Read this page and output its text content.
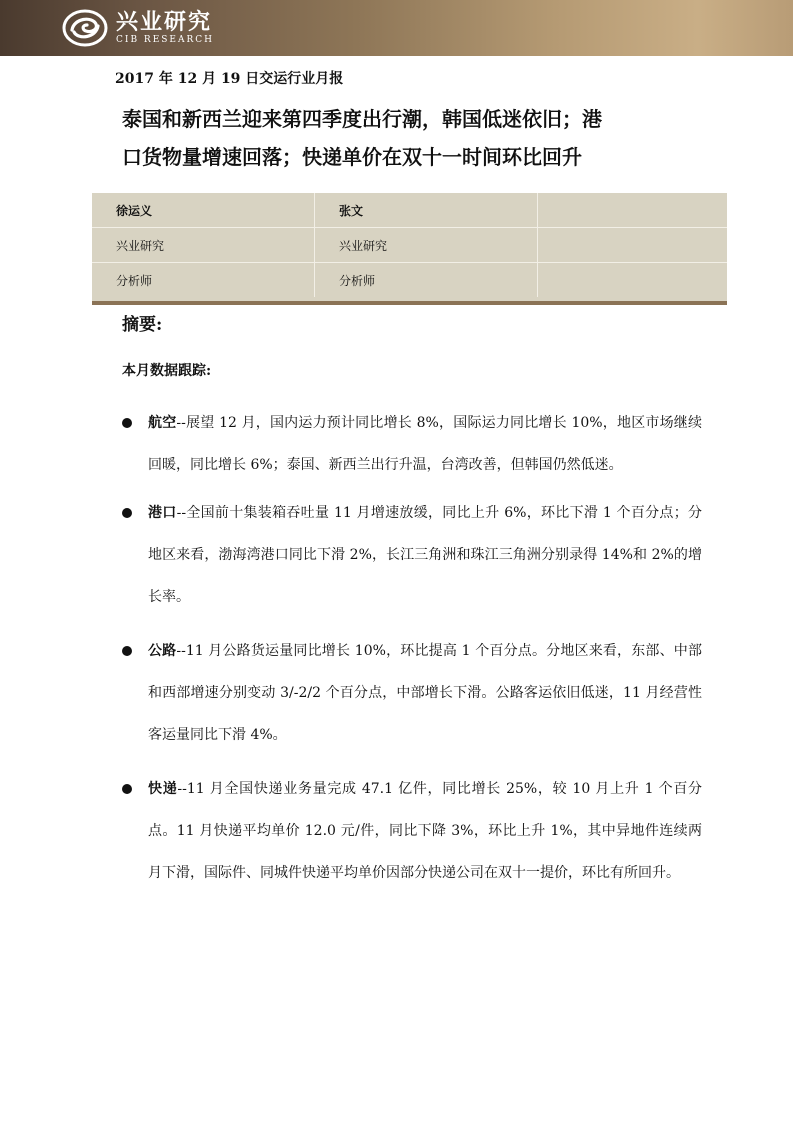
兴业研究
CIB RESEARCH
2017 年 12 月 19 日交运行业月报
泰国和新西兰迎来第四季度出行潮，韩国低迷依旧；港
口货物量增速回落；快递单价在双十一时间环比回升
徐运义	张文	
兴业研究	兴业研究	
分析师	分析师	
摘要:
本月数据跟踪:
航空--展望 12 月，国内运力预计同比增长 8%，国际运力同比增长 10%，地区市场继续回暖，同比增长 6%；泰国、新西兰出行升温，台湾改善，但韩国仍然低迷。
港口--全国前十集装箱吞吐量 11 月增速放缓，同比上升 6%，环比下滑 1 个百分点；分地区来看，渤海湾港口同比下滑 2%，长江三角洲和珠江三角洲分别录得 14%和 2%的增长率。
公路--11 月公路货运量同比增长 10%，环比提高 1 个百分点。分地区来看，东部、中部和西部增速分别变动 3/-2/2 个百分点，中部增长下滑。公路客运依旧低迷，11 月经营性客运量同比下滑 4%。
快递--11 月全国快递业务量完成 47.1 亿件，同比增长 25%，较 10 月上升 1 个百分点。11 月快递平均单价 12.0 元/件，同比下降 3%，环比上升 1%，其中异地件连续两月下滑，国际件、同城件快递平均单价因部分快递公司在双十一提价，环比有所回升。
